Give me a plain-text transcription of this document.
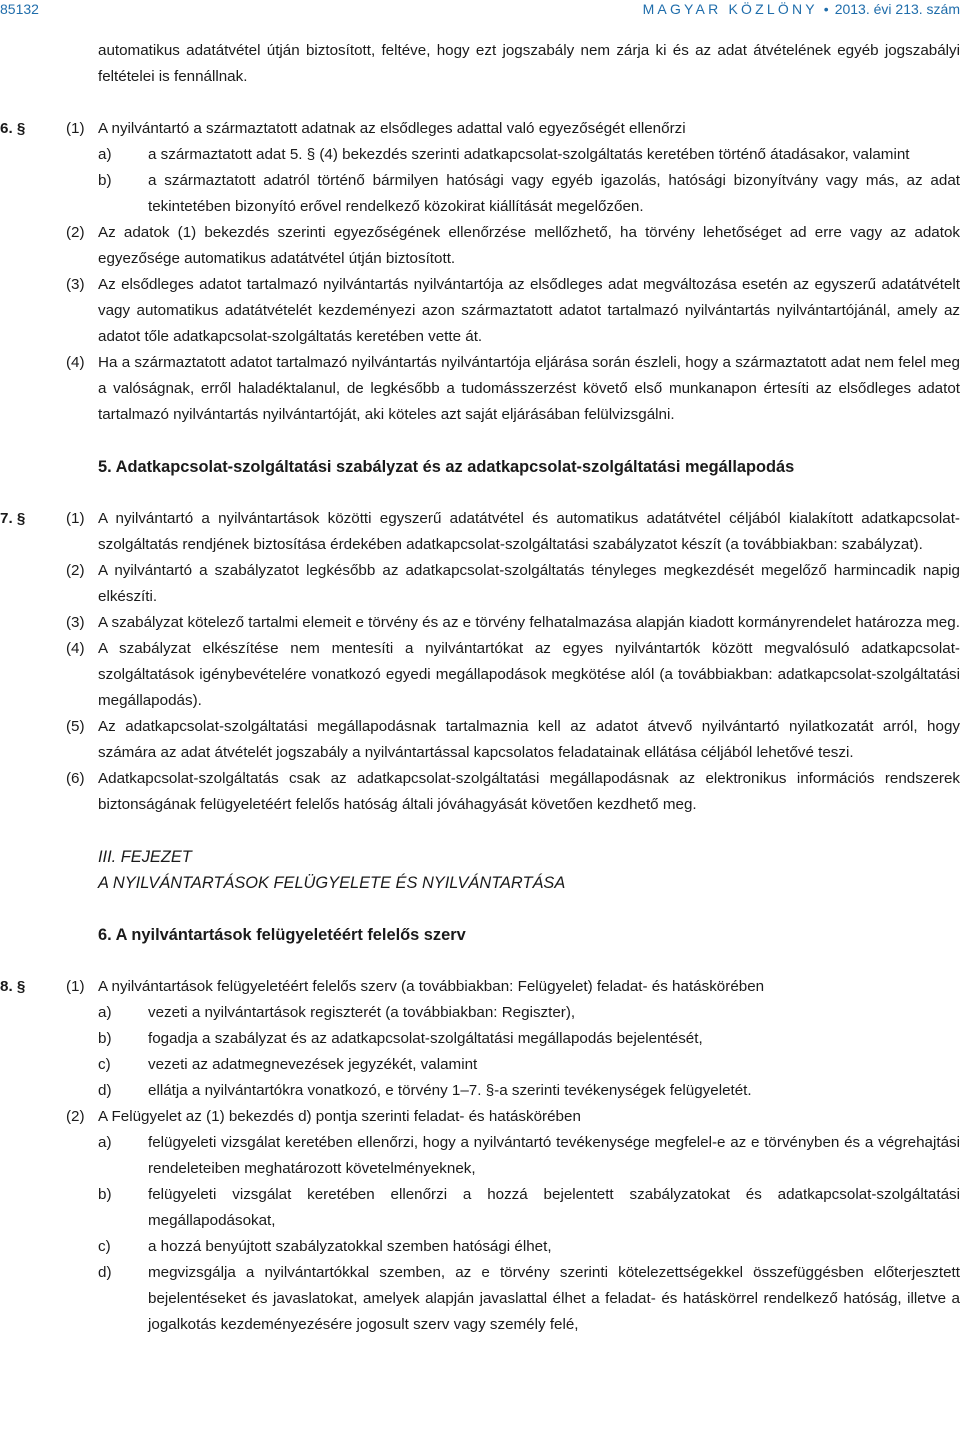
85132	MAGYAR KÖZLÖNY • 2013. évi 213. szám
automatikus adatátvétel útján biztosított, feltéve, hogy ezt jogszabály nem zárja ki és az adat átvételének egyéb jogszabályi feltételei is fennállnak.
6. §	(1) A nyilvántartó a származtatott adatnak az elsődleges adattal való egyezőségét ellenőrzi
a) a származtatott adat 5. § (4) bekezdés szerinti adatkapcsolat-szolgáltatás keretében történő átadásakor, valamint
b) a származtatott adatról történő bármilyen hatósági vagy egyéb igazolás, hatósági bizonyítvány vagy más, az adat tekintetében bizonyító erővel rendelkező közokirat kiállítását megelőzően.
(2) Az adatok (1) bekezdés szerinti egyezőségének ellenőrzése mellőzhető, ha törvény lehetőséget ad erre vagy az adatok egyezősége automatikus adatátvétel útján biztosított.
(3) Az elsődleges adatot tartalmazó nyilvántartás nyilvántartója az elsődleges adat megváltozása esetén az egyszerű adatátvételt vagy automatikus adatátvételét kezdeményezi azon származtatott adatot tartalmazó nyilvántartás nyilvántartójánál, amely az adatot tőle adatkapcsolat-szolgáltatás keretében vette át.
(4) Ha a származtatott adatot tartalmazó nyilvántartás nyilvántartója eljárása során észleli, hogy a származtatott adat nem felel meg a valóságnak, erről haladéktalanul, de legkésőbb a tudomásszerzést követő első munkanapon értesíti az elsődleges adatot tartalmazó nyilvántartás nyilvántartóját, aki köteles azt saját eljárásában felülvizsgálni.
5. Adatkapcsolat-szolgáltatási szabályzat és az adatkapcsolat-szolgáltatási megállapodás
7. §	(1) A nyilvántartó a nyilvántartások közötti egyszerű adatátvétel és automatikus adatátvétel céljából kialakított adatkapcsolat-szolgáltatás rendjének biztosítása érdekében adatkapcsolat-szolgáltatási szabályzatot készít (a továbbiakban: szabályzat).
(2) A nyilvántartó a szabályzatot legkésőbb az adatkapcsolat-szolgáltatás tényleges megkezdését megelőző harmincadik napig elkészíti.
(3) A szabályzat kötelező tartalmi elemeit e törvény és az e törvény felhatalmazása alapján kiadott kormányrendelet határozza meg.
(4) A szabályzat elkészítése nem mentesíti a nyilvántartókat az egyes nyilvántartók között megvalósuló adatkapcsolat-szolgáltatások igénybevételére vonatkozó egyedi megállapodások megkötése alól (a továbbiakban: adatkapcsolat-szolgáltatási megállapodás).
(5) Az adatkapcsolat-szolgáltatási megállapodásnak tartalmaznia kell az adatot átvevő nyilvántartó nyilatkozatát arról, hogy számára az adat átvételét jogszabály a nyilvántartással kapcsolatos feladatainak ellátása céljából lehetővé teszi.
(6) Adatkapcsolat-szolgáltatás csak az adatkapcsolat-szolgáltatási megállapodásnak az elektronikus információs rendszerek biztonságának felügyeletéért felelős hatóság általi jóváhagyását követően kezdhető meg.
III. FEJEZET
A NYILVÁNTARTÁSOK FELÜGYELETE ÉS NYILVÁNTARTÁSA
6. A nyilvántartások felügyeletéért felelős szerv
8. §	(1) A nyilvántartások felügyeletéért felelős szerv (a továbbiakban: Felügyelet) feladat- és hatáskörében
a) vezeti a nyilvántartások regiszterét (a továbbiakban: Regiszter),
b) fogadja a szabályzat és az adatkapcsolat-szolgáltatási megállapodás bejelentését,
c) vezeti az adatmegnevezések jegyzékét, valamint
d) ellátja a nyilvántartókra vonatkozó, e törvény 1–7. §-a szerinti tevékenységek felügyeletét.
(2) A Felügyelet az (1) bekezdés d) pontja szerinti feladat- és hatáskörében
a) felügyeleti vizsgálat keretében ellenőrzi, hogy a nyilvántartó tevékenysége megfelel-e az e törvényben és a végrehajtási rendeleteiben meghatározott követelményeknek,
b) felügyeleti vizsgálat keretében ellenőrzi a hozzá bejelentett szabályzatokat és adatkapcsolat-szolgáltatási megállapodásokat,
c) a hozzá benyújtott szabályzatokkal szemben hatósági élhet,
d) megvizsgálja a nyilvántartókkal szemben, az e törvény szerinti kötelezettségekkel összefüggésben előterjesztett bejelentéseket és javaslatokat, amelyek alapján javaslattal élhet a feladat- és hatáskörrel rendelkező hatóság, illetve a jogalkotás kezdeményezésére jogosult szerv vagy személy felé,
